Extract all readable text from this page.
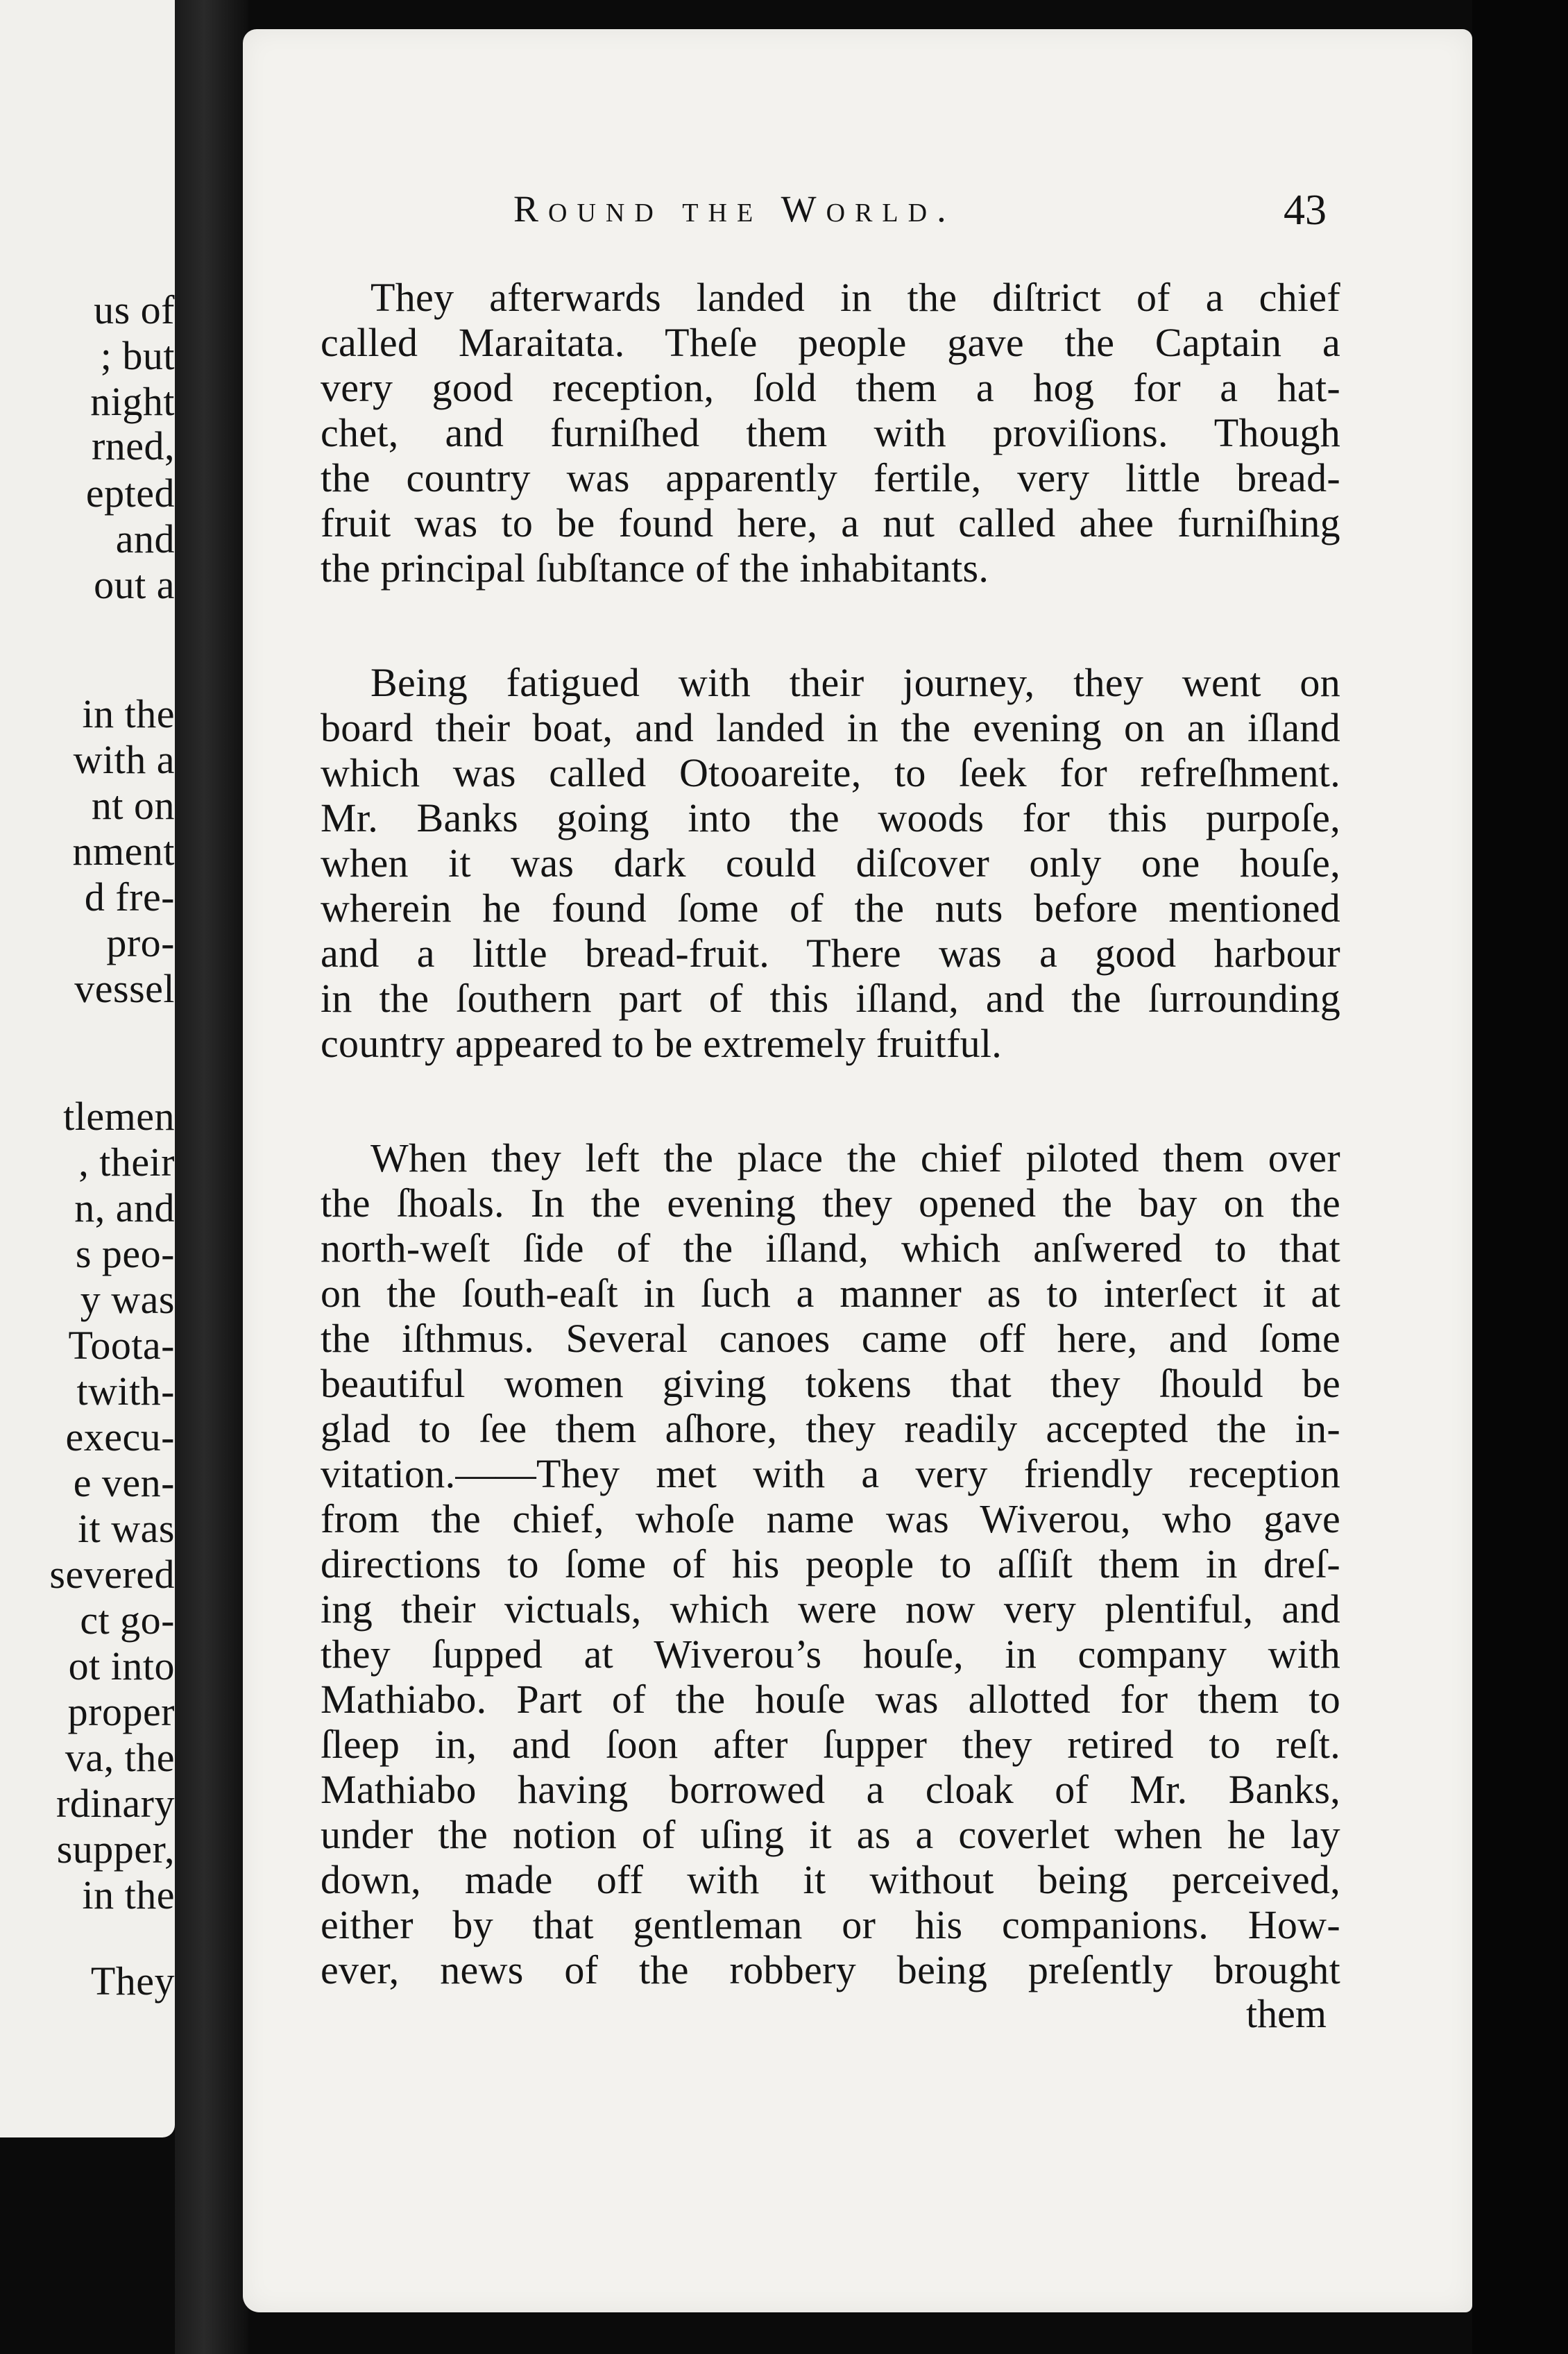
us of
; but
night
rned,
epted
and
out a
in the
with a
nt on
nment
d fre-
pro-
vessel
tlemen
, their
n, and
s peo-
y was
Toota-
twith-
execu-
e ven-
it was
severed
ct go-
ot into
proper
va, the
rdinary
supper,
in the
They
Round the World.	43

They afterwards landed in the diſtrict of a chief

called Maraitata. Theſe people gave the Captain a

very good reception, ſold them a hog for a hat-

chet, and furniſhed them with proviſions. Though

the country was apparently fertile, very little bread-

fruit was to be found here, a nut called ahee furniſhing

the principal ſubſtance of the inhabitants.

Being fatigued with their journey, they went on

board their boat, and landed in the evening on an iſland

which was called Otooareite, to ſeek for refreſhment.

Mr. Banks going into the woods for this purpoſe,

when it was dark could diſcover only one houſe,

wherein he found ſome of the nuts before mentioned

and a little bread-fruit. There was a good harbour

in the ſouthern part of this iſland, and the ſurrounding

country appeared to be extremely fruitful.

When they left the place the chief piloted them over

the ſhoals. In the evening they opened the bay on the

north-weſt ſide of the iſland, which anſwered to that

on the ſouth-eaſt in ſuch a manner as to interſect it at

the iſthmus. Several canoes came off here, and ſome

beautiful women giving tokens that they ſhould be

glad to ſee them aſhore, they readily accepted the in-

vitation.——They met with a very friendly reception

from the chief, whoſe name was Wiverou, who gave

directions to ſome of his people to aſſiſt them in dreſ-

ing their victuals, which were now very plentiful, and

they ſupped at Wiverou’s houſe, in company with

Mathiabo. Part of the houſe was allotted for them to

ſleep in, and ſoon after ſupper they retired to reſt.

Mathiabo having borrowed a cloak of Mr. Banks,

under the notion of uſing it as a coverlet when he lay

down, made off with it without being perceived,

either by that gentleman or his companions. How-

ever, news of the robbery being preſently brought

them
